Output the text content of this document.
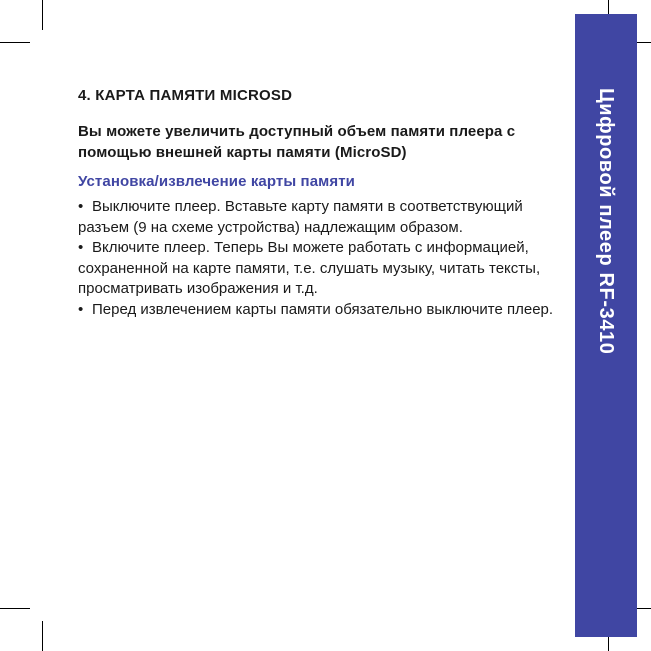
Цифровой плеер RF-3410
4. КАРТА ПАМЯТИ MICROSD
Вы можете увеличить доступный объем памяти плеера с помощью внешней карты памяти (MicroSD)
Установка/извлечение карты памяти
• Выключите плеер. Вставьте карту памяти в соответствующий разъем (9 на схеме устройства) надлежащим образом.
• Включите плеер. Теперь Вы можете работать с информацией, сохраненной на карте памяти, т.е. слушать музыку, читать тексты, просматривать изображения и т.д.
• Перед извлечением карты памяти обязательно выключите плеер.
